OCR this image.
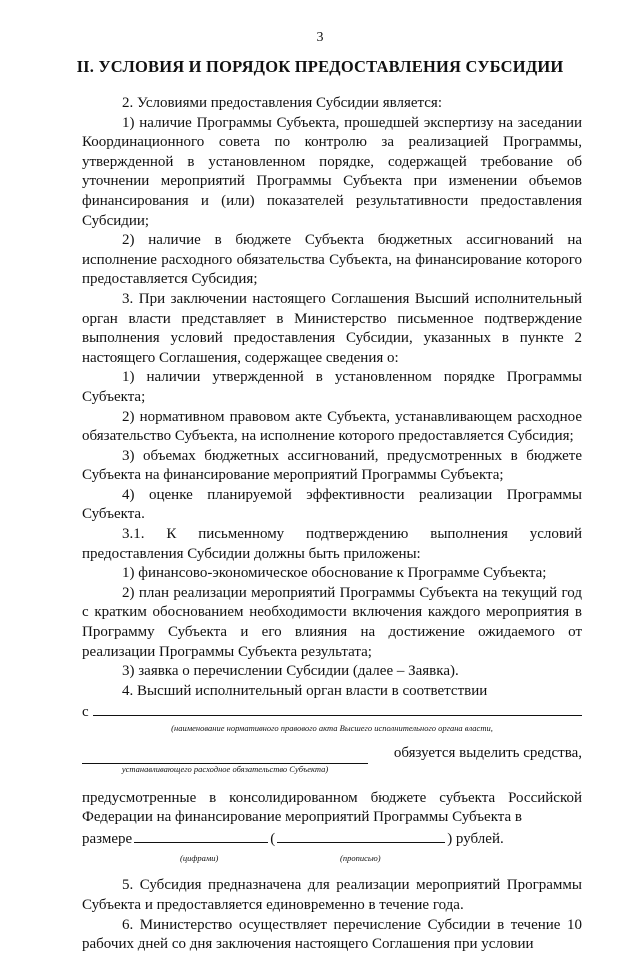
3
II. УСЛОВИЯ И ПОРЯДОК ПРЕДОСТАВЛЕНИЯ СУБСИДИИ

2. Условиями предоставления Субсидии является:

1) наличие Программы Субъекта, прошедшей экспертизу на заседании Координационного совета по контролю за реализацией Программы, утвержденной в установленном порядке, содержащей требование об уточнении мероприятий Программы Субъекта при изменении объемов финансирования и (или) показателей результативности предоставления Субсидии;

2) наличие в бюджете Субъекта бюджетных ассигнований на исполнение расходного обязательства Субъекта, на финансирование которого предоставляется Субсидия;

3. При заключении настоящего Соглашения Высший исполнительный орган власти представляет в Министерство письменное подтверждение выполнения условий предоставления Субсидии, указанных в пункте 2 настоящего Соглашения, содержащее сведения о:

1) наличии утвержденной в установленном порядке Программы Субъекта;

2) нормативном правовом акте Субъекта, устанавливающем расходное обязательство Субъекта, на исполнение которого предоставляется Субсидия;

3) объемах бюджетных ассигнований, предусмотренных в бюджете Субъекта на финансирование мероприятий Программы Субъекта;

4) оценке планируемой эффективности реализации Программы Субъекта.

3.1. К письменному подтверждению выполнения условий предоставления Субсидии должны быть приложены:

1) финансово-экономическое обоснование к Программе Субъекта;

2) план реализации мероприятий Программы Субъекта на текущий год с кратким обоснованием необходимости включения каждого мероприятия в Программу Субъекта и его влияния на достижение ожидаемого от реализации Программы Субъекта результата;

3) заявка о перечислении Субсидии (далее – Заявка).

4. Высший исполнительный орган власти в соответствии

с
(наименование нормативного правового акта Высшего исполнительного органа власти,
обязуется выделить средства,
устанавливающего расходное обязательство Субъекта)

предусмотренные в консолидированном бюджете субъекта Российской Федерации на финансирование мероприятий Программы Субъекта в

размере	(	) рублей.
(цифрами)	(прописью)

5. Субсидия предназначена для реализации мероприятий Программы Субъекта и предоставляется единовременно в течение года.

6. Министерство осуществляет перечисление Субсидии в течение 10 рабочих дней со дня заключения настоящего Соглашения при условии
